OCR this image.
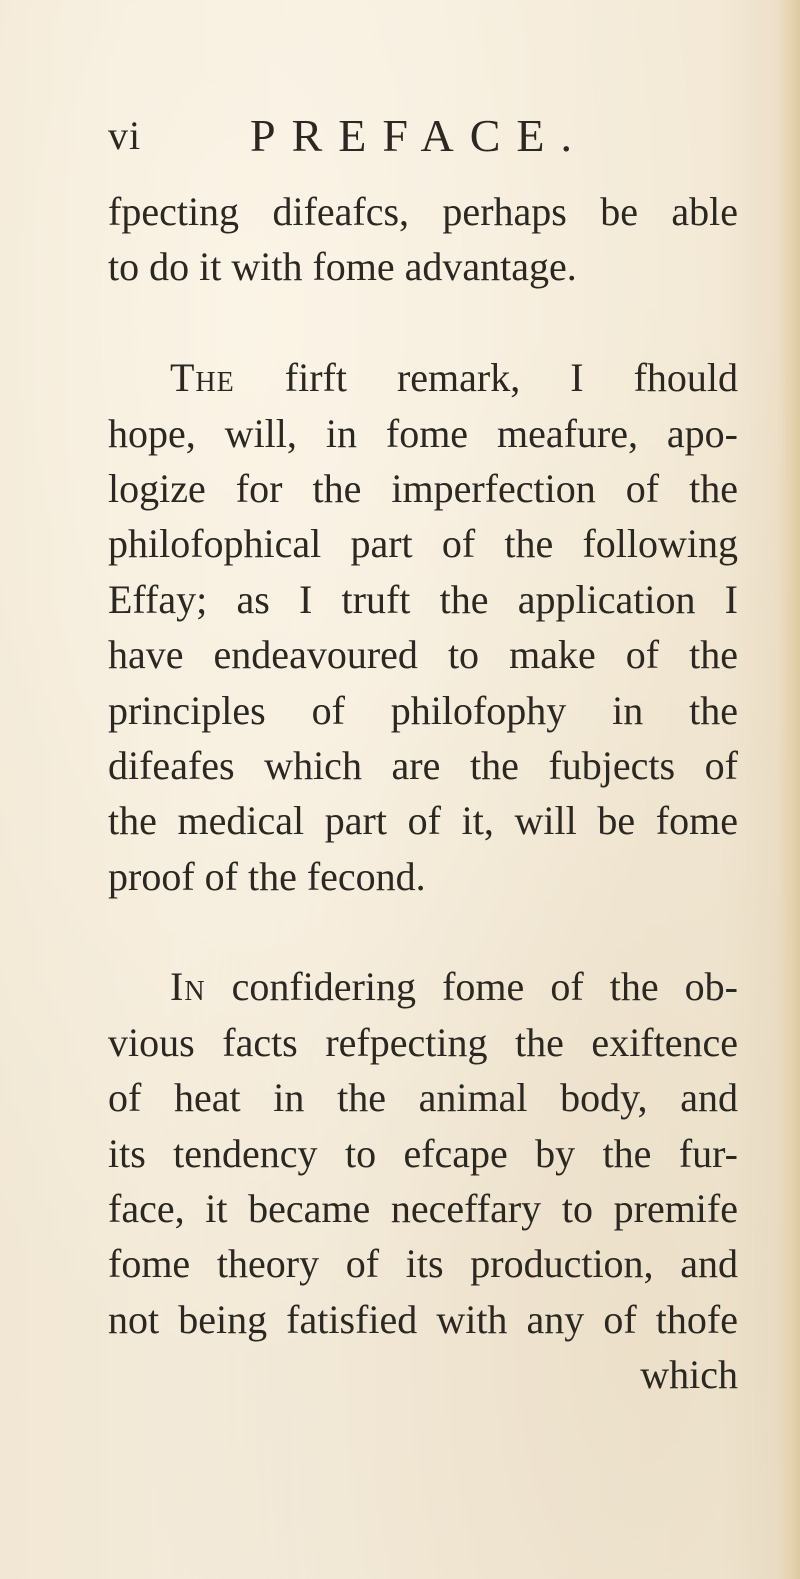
vi PREFACE.
fpecting difeafcs, perhaps be able
to do it with fome advantage.
The firft remark, I fhould
hope, will, in fome meafure, apo-
logize for the imperfection of the
philofophical part of the following
Effay; as I truft the application I
have endeavoured to make of the
principles of philofophy in the
difeafes which are the fubjects of
the medical part of it, will be fome
proof of the fecond.
In confidering fome of the ob-
vious facts refpecting the exiftence
of heat in the animal body, and
its tendency to efcape by the fur-
face, it became neceffary to premife
fome theory of its production, and
not being fatisfied with any of thofe
which
